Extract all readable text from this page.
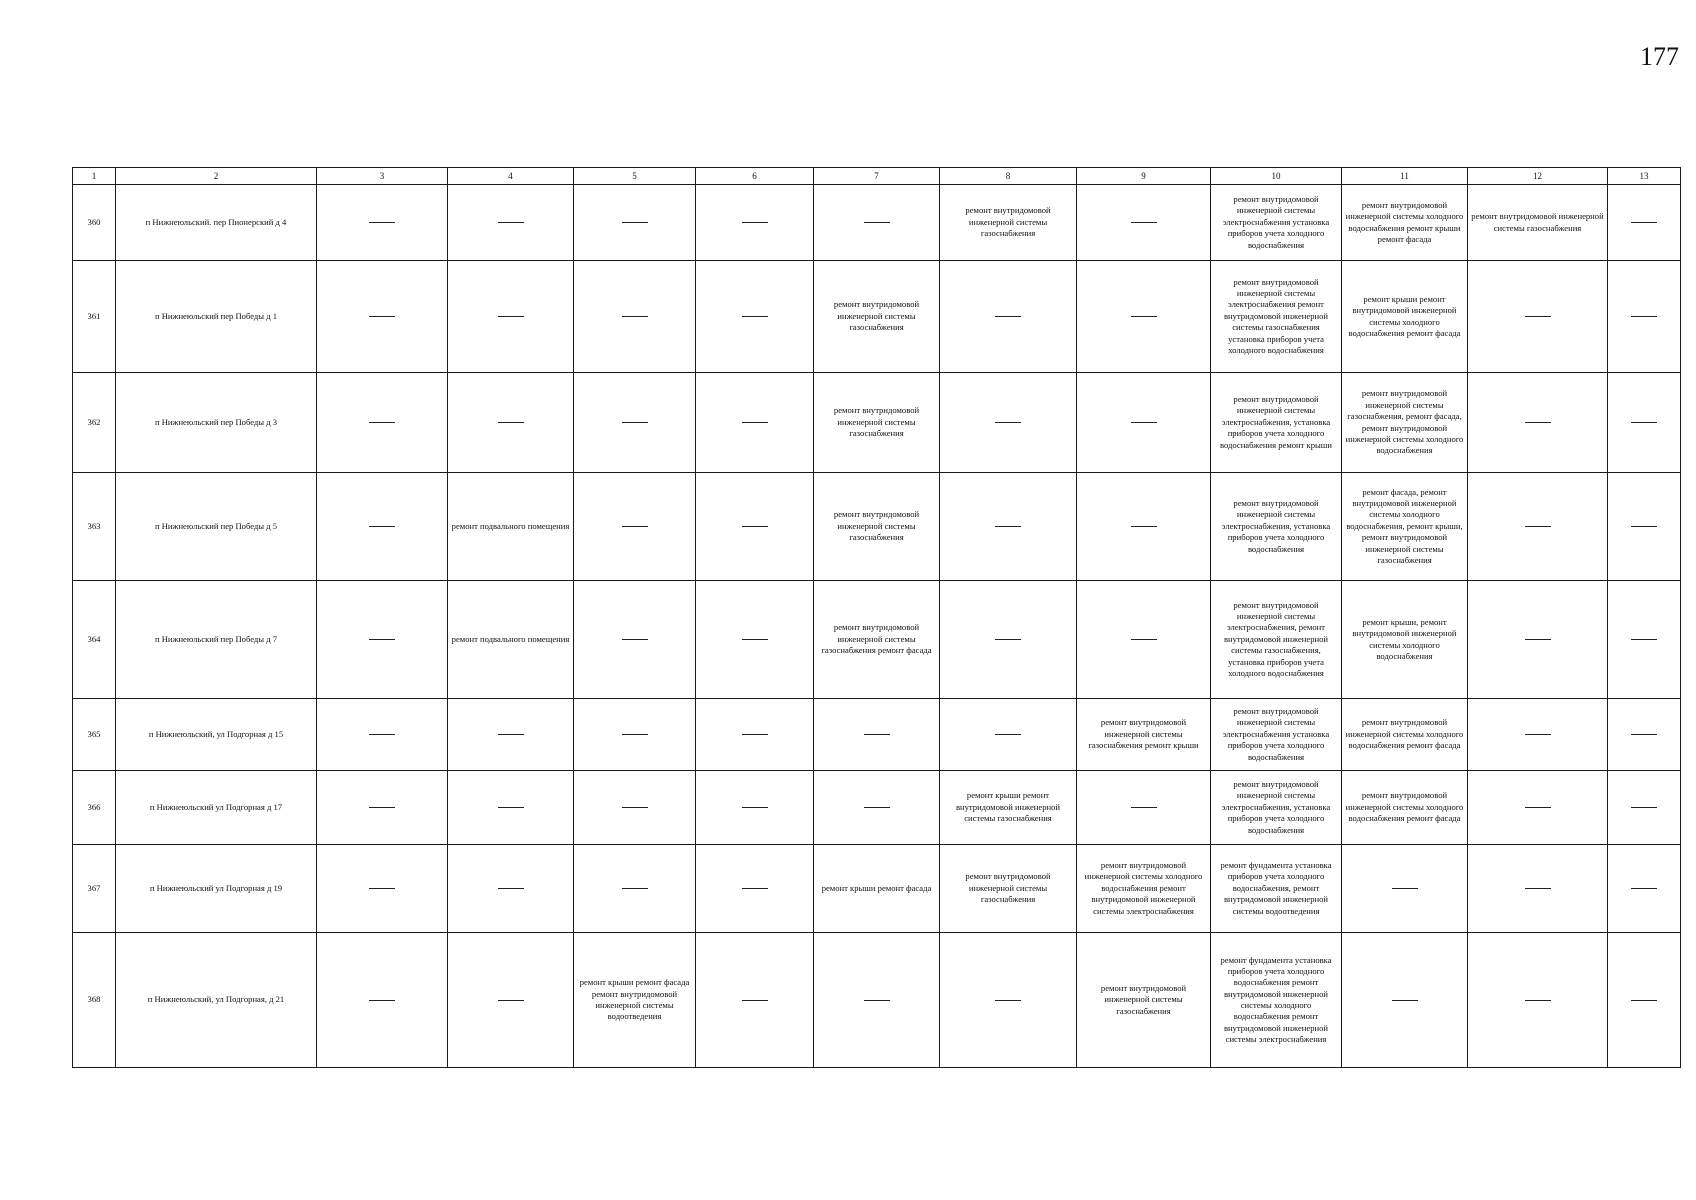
177
1	2	3	4	5	6	7	8	9	10	11	12	13
360	п Нижнеюльский. пер Пионерский д 4						ремонт внутридомовой инженерной системы газоснабжения		ремонт внутридомовой инженерной системы электроснабжения установка приборов учета холодного водоснабжения	ремонт внутридомовой инженерной системы холодного водоснабжения ремонт крыши ремонт фасада	ремонт внутридомовой инженерной системы газоснабжения	
361	п Нижнеюльский пер Победы д 1					ремонт внутридомовой инженерной системы газоснабжения			ремонт внутридомовой инженерной системы электроснабжения ремонт внутридомовой инженерной системы газоснабжения установка приборов учета холодного водоснабжения	ремонт крыши ремонт внутридомовой инженерной системы холодного водоснабжения ремонт фасада		
362	п Нижнеюльский пер Победы д 3					ремонт внутридомовой инженерной системы газоснабжения			ремонт внутридомовой инженерной системы электроснабжения, установка приборов учета холодного водоснабжения ремонт крыши	ремонт внутридомовой инженерной системы газоснабжения, ремонт фасада, ремонт внутридомовой инженерной системы холодного водоснабжения		
363	п Нижнеюльский пер Победы д 5		ремонт подвального помещения			ремонт внутридомовой инженерной системы газоснабжения			ремонт внутридомовой инженерной системы электроснабжения, установка приборов учета холодного водоснабжения	ремонт фасада, ремонт внутридомовой инженерной системы холодного водоснабжения, ремонт крыши, ремонт внутридомовой инженерной системы газоснабжения		
364	п Нижнеюльский пер Победы д 7		ремонт подвального помещения			ремонт внутридомовой инженерной системы газоснабжения ремонт фасада			ремонт внутридомовой инженерной системы электроснабжения, ремонт внутридомовой инженерной системы газоснабжения, установка приборов учета холодного водоснабжения	ремонт крыши, ремонт внутридомовой инженерной системы холодного водоснабжения		
365	п Нижнеюльский, ул Подгорная д 15							ремонт внутридомовой инженерной системы газоснабжения ремонт крыши	ремонт внутридомовой инженерной системы электроснабжения установка приборов учета холодного водоснабжения	ремонт внутридомовой инженерной системы холодного водоснабжения ремонт фасада		
366	п Нижнеюльский ул Подгорная д 17						ремонт крыши ремонт внутридомовой инженерной системы газоснабжения		ремонт внутридомовой инженерной системы электроснабжения, установка приборов учета холодного водоснабжения	ремонт внутридомовой инженерной системы холодного водоснабжения ремонт фасада		
367	п Нижнеюльский ул Подгорная д 19					ремонт крыши ремонт фасада	ремонт внутридомовой инженерной системы газоснабжения	ремонт внутридомовой инженерной системы холодного водоснабжения ремонт внутридомовой инженерной системы электроснабжения	ремонт фундамента установка приборов учета холодного водоснабжения, ремонт внутридомовой инженерной системы водоотведения			
368	п Нижнеюльский, ул Подгорная, д 21			ремонт крыши ремонт фасада ремонт внутридомовой инженерной системы водоотведения				ремонт внутридомовой инженерной системы газоснабжения	ремонт фундамента установка приборов учета холодного водоснабжения ремонт внутридомовой инженерной системы холодного водоснабжения ремонт внутридомовой инженерной системы электроснабжения			
